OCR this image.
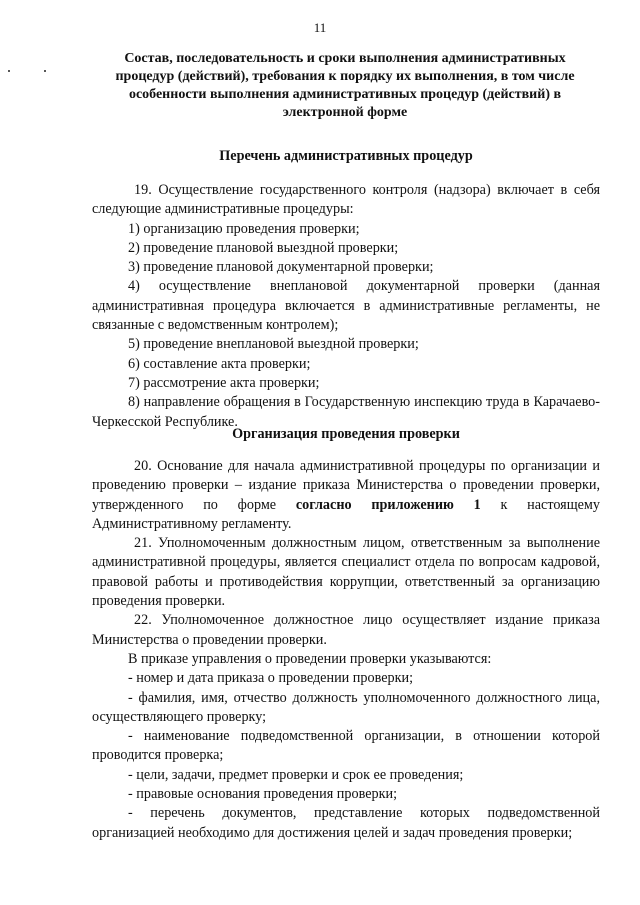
11
Состав, последовательность и сроки выполнения административных
процедур (действий), требования к порядку их выполнения, в том числе
особенности выполнения административных процедур (действий) в
электронной форме
Перечень административных процедур

19. Осуществление государственного контроля (надзора) включает в себя следующие административные процедуры:

1) организацию проведения проверки;

2) проведение плановой выездной проверки;

3) проведение плановой документарной проверки;

4) осуществление внеплановой документарной проверки (данная административная процедура включается в административные регламенты, не связанные с ведомственным контролем);

5) проведение внеплановой выездной проверки;

6) составление акта проверки;

7) рассмотрение акта проверки;

8) направление обращения в Государственную инспекцию труда в Карачаево-Черкесской Республике.

Организация проведения проверки

20. Основание для начала административной процедуры по организации и проведению проверки – издание приказа Министерства о проведении проверки, утвержденного по форме согласно приложению 1 к настоящему Административному регламенту.

21. Уполномоченным должностным лицом, ответственным за выполнение административной процедуры, является специалист отдела по вопросам кадровой, правовой работы и противодействия коррупции, ответственный за организацию проведения проверки.

22. Уполномоченное должностное лицо осуществляет издание приказа Министерства о проведении проверки.

В приказе управления о проведении проверки указываются:

- номер и дата приказа о проведении проверки;

- фамилия, имя, отчество должность уполномоченного должностного лица, осуществляющего проверку;

- наименование подведомственной организации, в отношении которой проводится проверка;

- цели, задачи, предмет проверки и срок ее проведения;

- правовые основания проведения проверки;

- перечень документов, представление которых подведомственной организацией необходимо для достижения целей и задач проведения проверки;
